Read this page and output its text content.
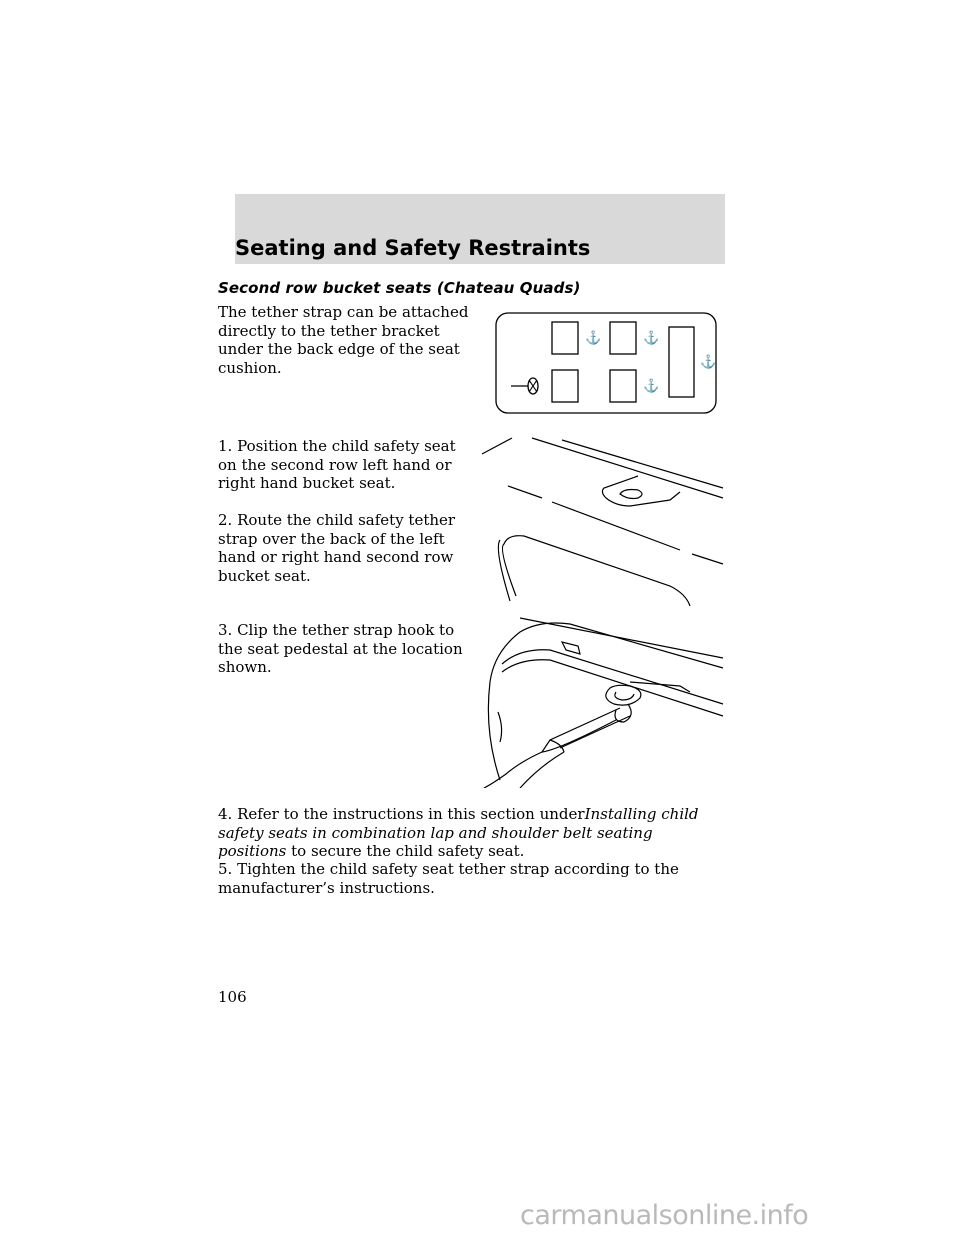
Seating and Safety Restraints
Second row bucket seats (Chateau Quads)

The tether strap can be attached directly to the tether bracket under the back edge of the seat cushion.

1. Position the child safety seat on the second row left hand or right hand bucket seat.

2. Route the child safety tether strap over the back of the left hand or right hand second row bucket seat.

3. Clip the tether strap hook to the seat pedestal at the location shown.

4. Refer to the instructions in this section underInstalling child safety seats in combination lap and shoulder belt seating positions to secure the child safety seat.

5. Tighten the child safety seat tether strap according to the manufacturer’s instructions.

⚓	⚓
⚓
⚓
106
carmanualsonline.info
